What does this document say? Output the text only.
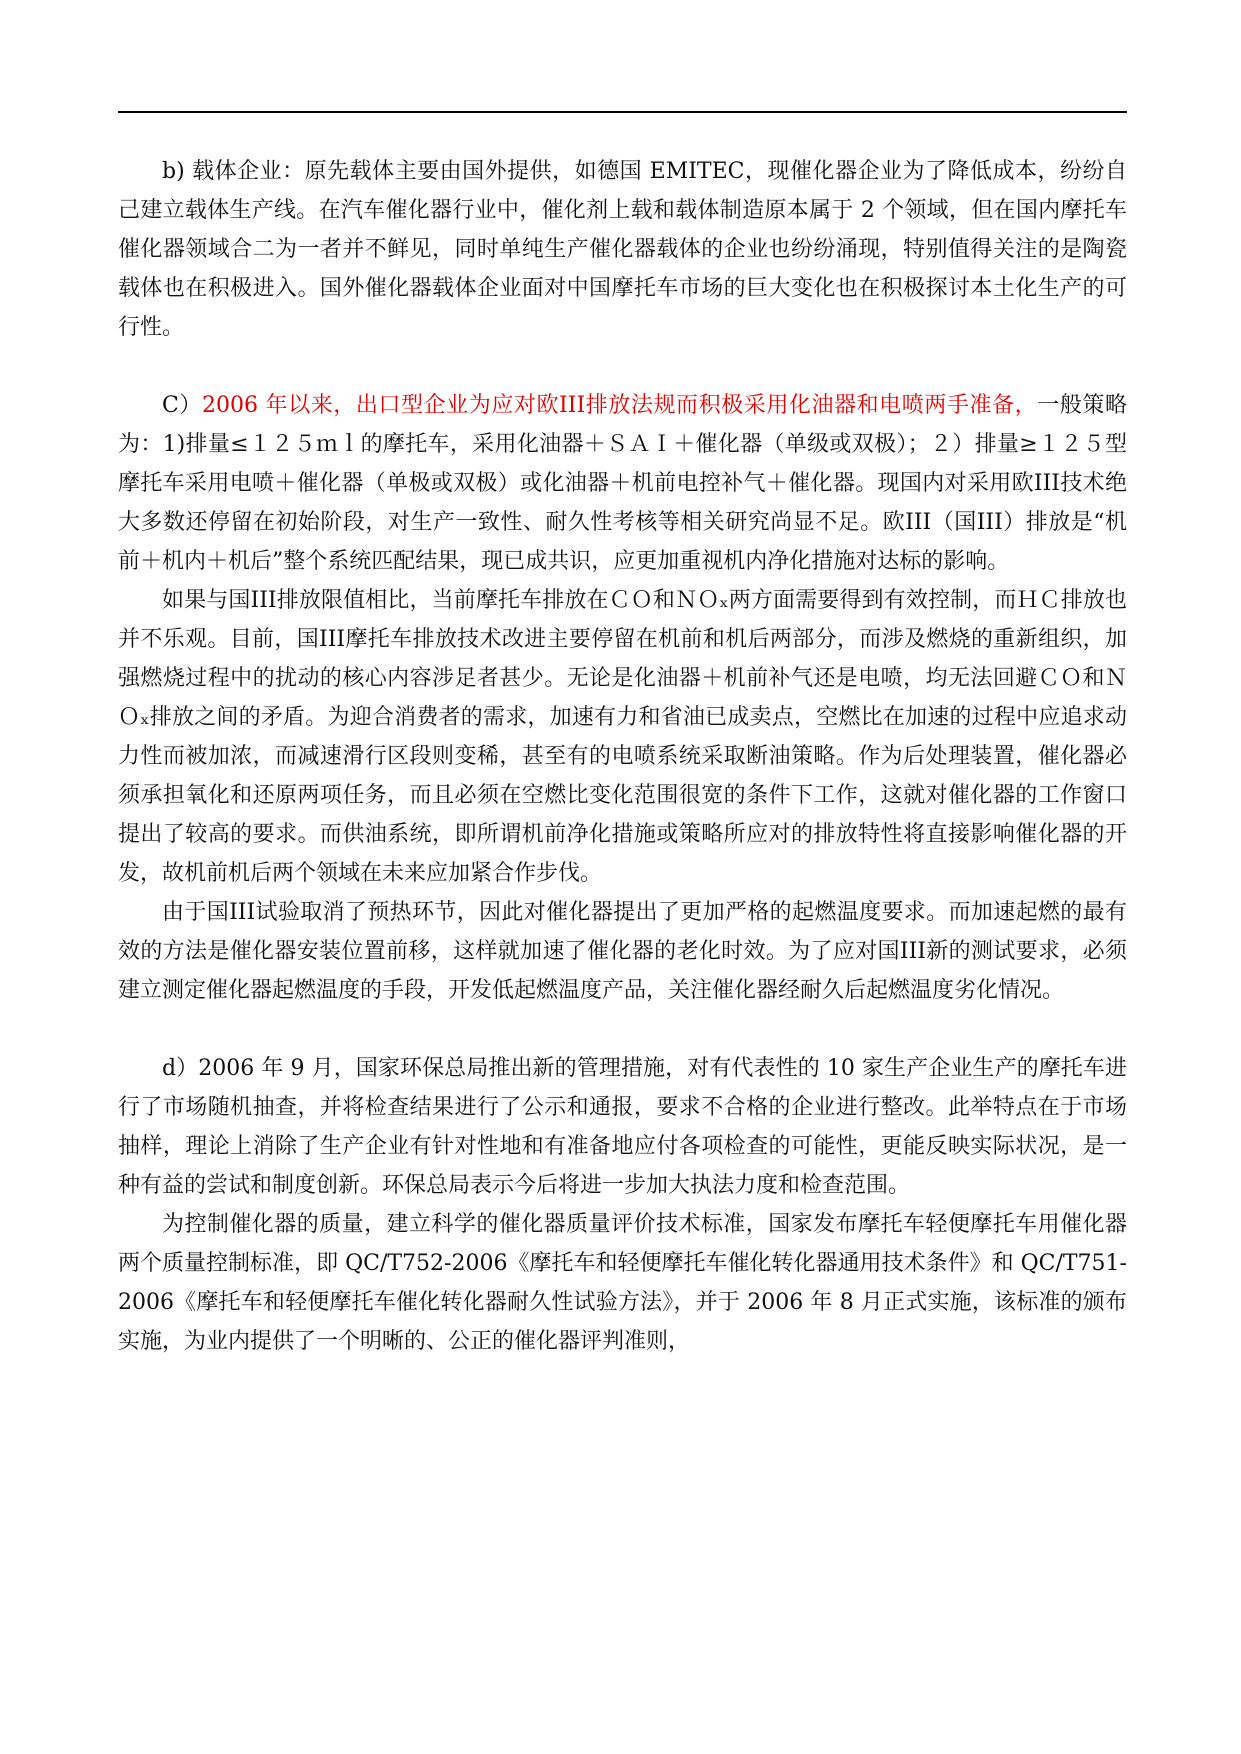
b) 载体企业：原先载体主要由国外提供，如德国 EMITEC，现催化器企业为了降低成本，纷纷自己建立载体生产线。在汽车催化器行业中，催化剂上载和载体制造原本属于 2 个领域，但在国内摩托车催化器领域合二为一者并不鲜见，同时单纯生产催化器载体的企业也纷纷涌现，特别值得关注的是陶瓷载体也在积极进入。国外催化器载体企业面对中国摩托车市场的巨大变化也在积极探讨本土化生产的可行性。

C）2006 年以来，出口型企业为应对欧III排放法规而积极采用化油器和电喷两手准备，一般策略为：1)排量≤１２５ｍｌ的摩托车，采用化油器＋ＳＡＩ＋催化器（单级或双极）；２）排量≥１２５型摩托车采用电喷＋催化器（单极或双极）或化油器＋机前电控补气＋催化器。现国内对采用欧III技术绝大多数还停留在初始阶段，对生产一致性、耐久性考核等相关研究尚显不足。欧III（国III）排放是“机前＋机内＋机后”整个系统匹配结果，现已成共识，应更加重视机内净化措施对达标的影响。

如果与国III排放限值相比，当前摩托车排放在ＣＯ和ＮＯₓ两方面需要得到有效控制，而ＨＣ排放也并不乐观。目前，国III摩托车排放技术改进主要停留在机前和机后两部分，而涉及燃烧的重新组织，加强燃烧过程中的扰动的核心内容涉足者甚少。无论是化油器＋机前补气还是电喷，均无法回避ＣＯ和ＮＯₓ排放之间的矛盾。为迎合消费者的需求，加速有力和省油已成卖点，空燃比在加速的过程中应追求动力性而被加浓，而减速滑行区段则变稀，甚至有的电喷系统采取断油策略。作为后处理装置，催化器必须承担氧化和还原两项任务，而且必须在空燃比变化范围很宽的条件下工作，这就对催化器的工作窗口提出了较高的要求。而供油系统，即所谓机前净化措施或策略所应对的排放特性将直接影响催化器的开发，故机前机后两个领域在未来应加紧合作步伐。

由于国III试验取消了预热环节，因此对催化器提出了更加严格的起燃温度要求。而加速起燃的最有效的方法是催化器安装位置前移，这样就加速了催化器的老化时效。为了应对国III新的测试要求，必须建立测定催化器起燃温度的手段，开发低起燃温度产品，关注催化器经耐久后起燃温度劣化情况。

d）2006 年 9 月，国家环保总局推出新的管理措施，对有代表性的 10 家生产企业生产的摩托车进行了市场随机抽查，并将检查结果进行了公示和通报，要求不合格的企业进行整改。此举特点在于市场抽样，理论上消除了生产企业有针对性地和有准备地应付各项检查的可能性，更能反映实际状况，是一种有益的尝试和制度创新。环保总局表示今后将进一步加大执法力度和检查范围。

为控制催化器的质量，建立科学的催化器质量评价技术标准，国家发布摩托车轻便摩托车用催化器两个质量控制标准，即 QC/T752-2006《摩托车和轻便摩托车催化转化器通用技术条件》和 QC/T751-2006《摩托车和轻便摩托车催化转化器耐久性试验方法》，并于 2006 年 8 月正式实施，该标准的颁布实施，为业内提供了一个明晰的、公正的催化器评判准则，
